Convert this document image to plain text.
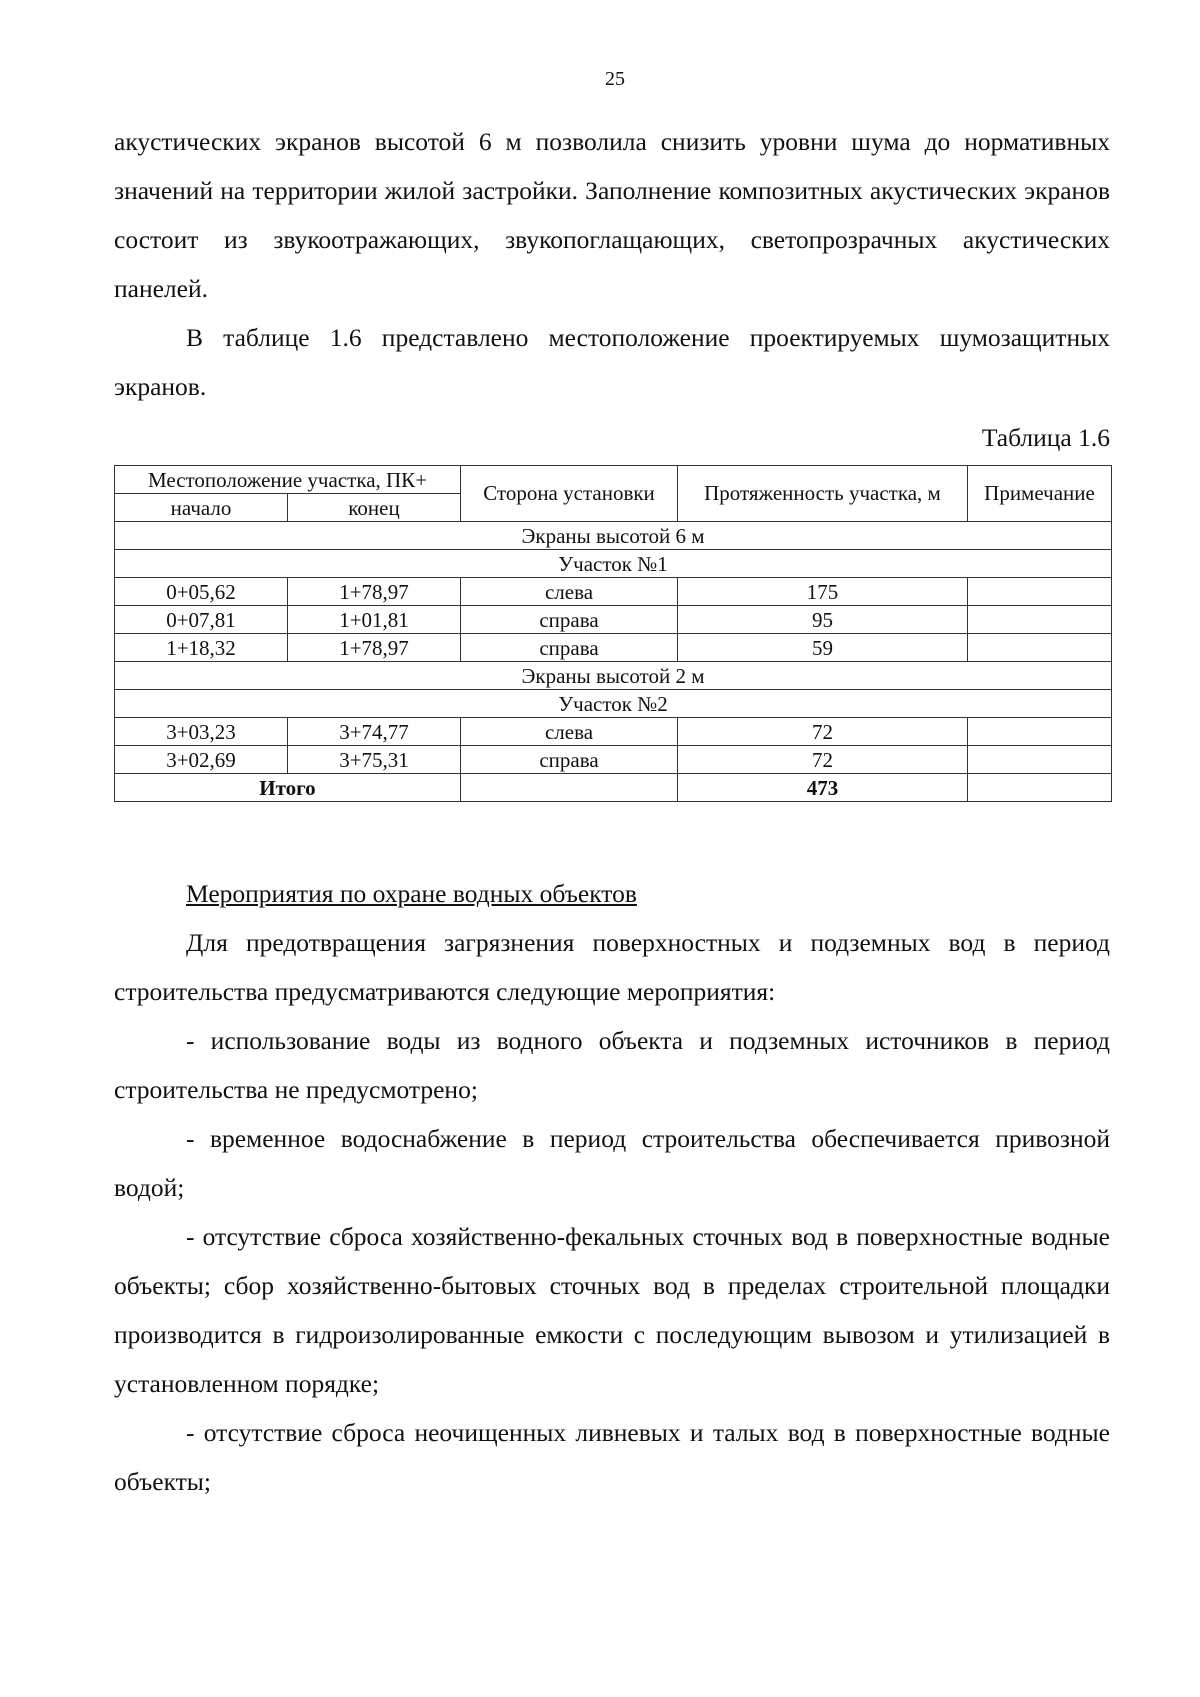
25

акустических экранов высотой 6 м позволила снизить уровни шума до нормативных значений на территории жилой застройки. Заполнение композитных акустических экранов состоит из звукоотражающих, звукопоглащающих, светопрозрачных акустических панелей.

В таблице 1.6 представлено местоположение проектируемых шумозащитных экранов.

Таблица 1.6
Местоположение участка, ПК+		Сторона установки	Протяженность участка, м	Примечание
начало	конец			
Экраны высотой 6 м				
Участок №1				
0+05,62	1+78,97	слева	175	
0+07,81	1+01,81	справа	95	
1+18,32	1+78,97	справа	59	
Экраны высотой 2 м				
Участок №2				
3+03,23	3+74,77	слева	72	
3+02,69	3+75,31	справа	72	
Итого			473	
Мероприятия по охране водных объектов

Для предотвращения загрязнения поверхностных и подземных вод в период строительства предусматриваются следующие мероприятия:

- использование воды из водного объекта и подземных источников в период строительства не предусмотрено;

- временное водоснабжение в период строительства обеспечивается привозной водой;

- отсутствие сброса хозяйственно-фекальных сточных вод в поверхностные водные объекты; сбор хозяйственно-бытовых сточных вод в пределах строительной площадки производится в гидроизолированные емкости с последующим вывозом и утилизацией в установленном порядке;

- отсутствие сброса неочищенных ливневых и талых вод в поверхностные водные объекты;
